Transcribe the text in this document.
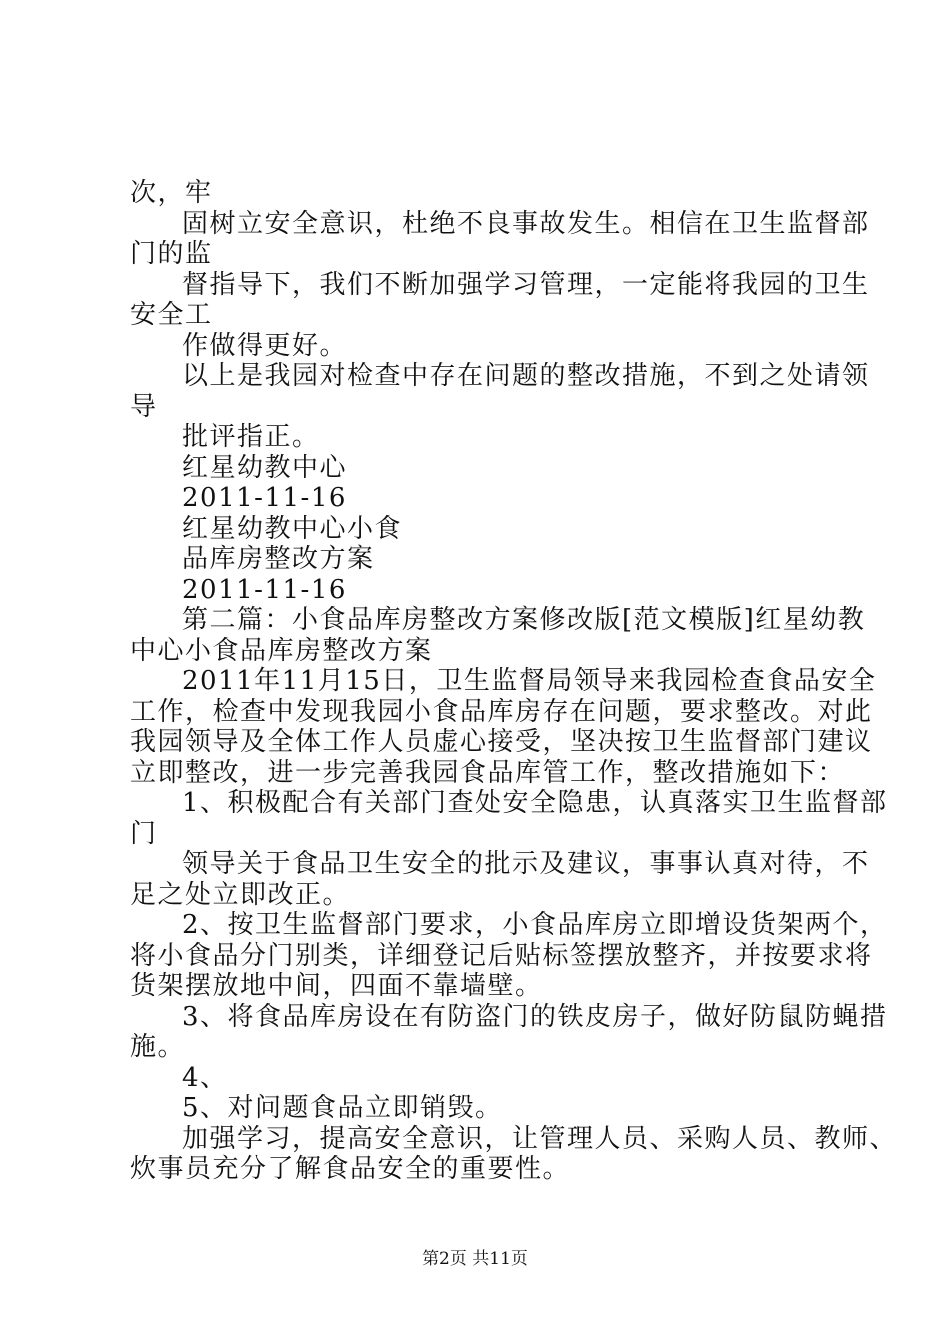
次，牢
固树立安全意识，杜绝不良事故发生。相信在卫生监督部
门的监
督指导下，我们不断加强学习管理，一定能将我园的卫生
安全工
作做得更好。
以上是我园对检查中存在问题的整改措施，不到之处请领
导
批评指正。
红星幼教中心
2011-11-16
红星幼教中心小食
品库房整改方案
2011-11-16
第二篇：小食品库房整改方案修改版[范文模版]红星幼教
中心小食品库房整改方案
2011年11月15日，卫生监督局领导来我园检查食品安全
工作，检查中发现我园小食品库房存在问题，要求整改。对此
我园领导及全体工作人员虚心接受，坚决按卫生监督部门建议
立即整改，进一步完善我园食品库管工作，整改措施如下：
1、积极配合有关部门查处安全隐患，认真落实卫生监督部
门
领导关于食品卫生安全的批示及建议，事事认真对待，不
足之处立即改正。
2、按卫生监督部门要求，小食品库房立即增设货架两个，
将小食品分门别类，详细登记后贴标签摆放整齐，并按要求将
货架摆放地中间，四面不靠墙壁。
3、将食品库房设在有防盗门的铁皮房子，做好防鼠防蝇措
施。
4、
5、对问题食品立即销毁。
加强学习，提高安全意识，让管理人员、采购人员、教师、
炊事员充分了解食品安全的重要性。
第2页 共11页
